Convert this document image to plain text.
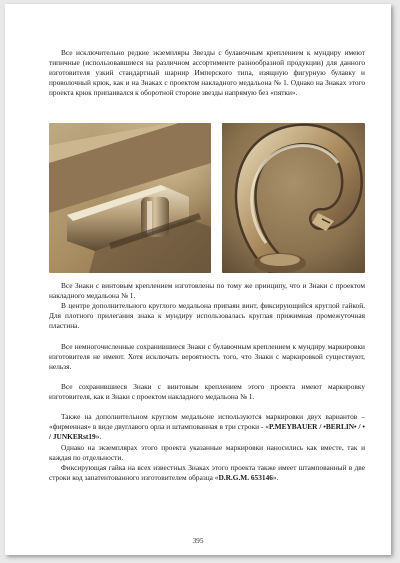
Все исключительно редкие экземпляры Звезды с булавочным креплением к мундиру имеют типичные (использовавшиеся на различном ассортименте разнообразной продукции) для данного изготовителя узкий стандартный шарнир Имперского типа, изящную фигурную булавку и проволочный крюк, как и на Знаках с проектом накладного медальона № 1. Однако на Знаках этого проекта крюк припаивался к оборотной стороне звезды напрямую без «пятки».

Все Знаки с винтовым креплением изготовлены по тому же принципу, что и Знаки с проектом накладного медальона № 1.

В центре дополнительного круглого медальона припаян винт, фиксирующийся круглой гайкой. Для плотного прилегания знака к мундиру использовалась круглая прижимная промежуточная пластина.

Все немногочисленные сохранившиеся Знаки с булавочным креплением к мундиру маркировки изготовителя не имеют. Хотя исключать вероятность того, что Знаки с маркировкой существуют, нельзя.

Все сохранившиеся Знаки с винтовым креплением этого проекта имеют маркировку изготовителя, как и Знаки с проектом накладного медальона № 1.

Также на дополнительном круглом медальоне используются маркировки двух вариантов – «фирменная» в виде двуглавого орла и штампованная в три строки - «P.MEYBAUER / •BERLIN• / • / JUNKERst19».

Однако на экземплярах этого проекта указанные маркировки наносились как вместе, так и каждая по отдельности.

Фиксирующая гайка на всех известных Знаках этого проекта также имеет штампованный в две строки код запатентованного изготовителем образца «D.R.G.M. 653146».

395
